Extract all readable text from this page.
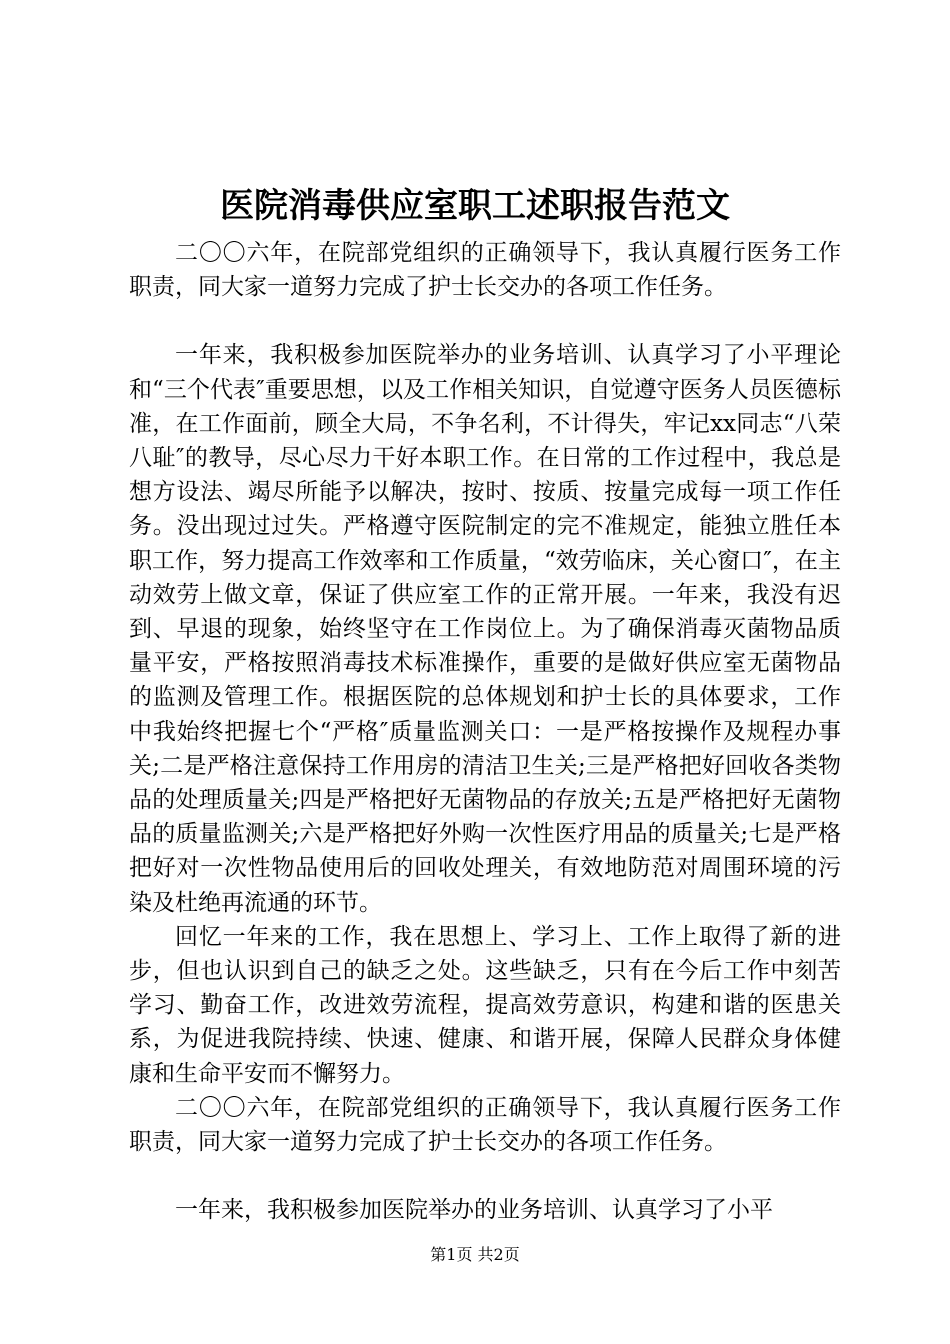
医院消毒供应室职工述职报告范文

二〇〇六年，在院部党组织的正确领导下，我认真履行医务工作职责，同大家一道努力完成了护士长交办的各项工作任务。

一年来，我积极参加医院举办的业务培训、认真学习了小平理论和“三个代表″重要思想，以及工作相关知识，自觉遵守医务人员医德标准，在工作面前，顾全大局，不争名利，不计得失，牢记xx同志“八荣八耻″的教导，尽心尽力干好本职工作。在日常的工作过程中，我总是想方设法、竭尽所能予以解决，按时、按质、按量完成每一项工作任务。没出现过过失。严格遵守医院制定的完不准规定，能独立胜任本职工作，努力提高工作效率和工作质量，“效劳临床，关心窗口″，在主动效劳上做文章，保证了供应室工作的正常开展。一年来，我没有迟到、早退的现象，始终坚守在工作岗位上。为了确保消毒灭菌物品质量平安，严格按照消毒技术标准操作，重要的是做好供应室无菌物品的监测及管理工作。根据医院的总体规划和护士长的具体要求，工作中我始终把握七个“严格″质量监测关口：一是严格按操作及规程办事关;二是严格注意保持工作用房的清洁卫生关;三是严格把好回收各类物品的处理质量关;四是严格把好无菌物品的存放关;五是严格把好无菌物品的质量监测关;六是严格把好外购一次性医疗用品的质量关;七是严格把好对一次性物品使用后的回收处理关，有效地防范对周围环境的污染及杜绝再流通的环节。

回忆一年来的工作，我在思想上、学习上、工作上取得了新的进步，但也认识到自己的缺乏之处。这些缺乏，只有在今后工作中刻苦学习、勤奋工作，改进效劳流程，提高效劳意识，构建和谐的医患关系，为促进我院持续、快速、健康、和谐开展，保障人民群众身体健康和生命平安而不懈努力。

二〇〇六年，在院部党组织的正确领导下，我认真履行医务工作职责，同大家一道努力完成了护士长交办的各项工作任务。

一年来，我积极参加医院举办的业务培训、认真学习了小平

第1页 共2页
